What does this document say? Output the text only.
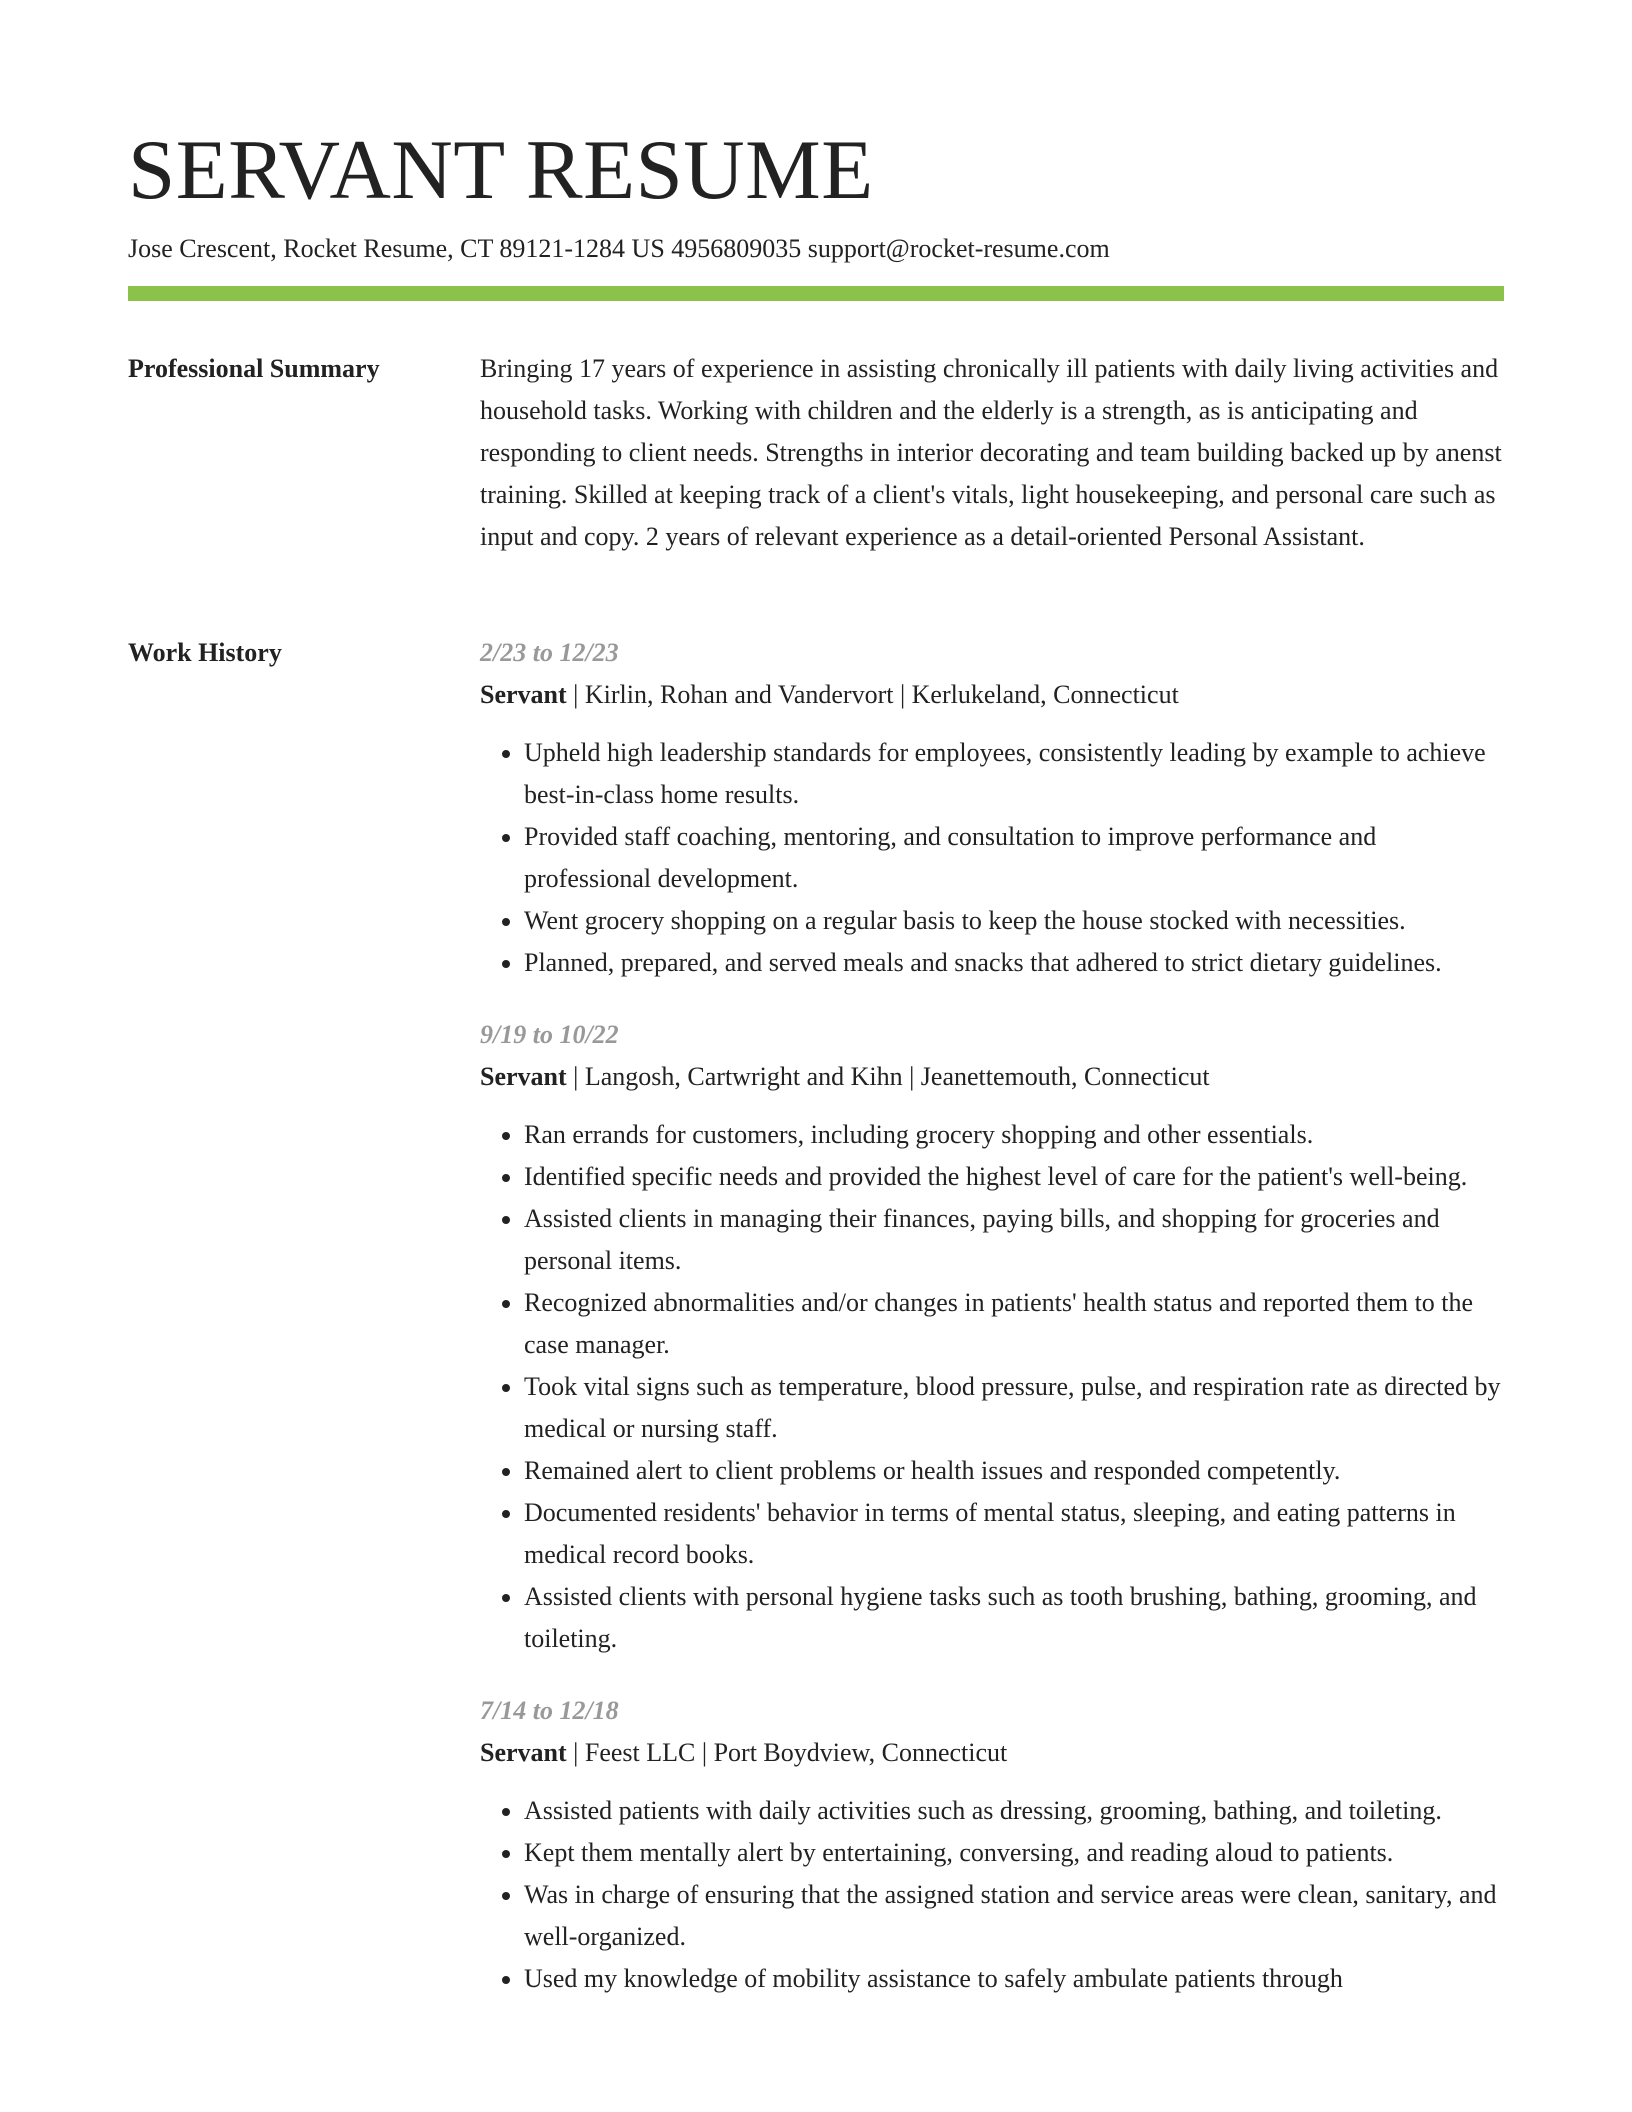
SERVANT RESUME
Jose Crescent, Rocket Resume, CT 89121-1284 US 4956809035 support@rocket-resume.com
Professional Summary	Bringing 17 years of experience in assisting chronically ill patients with daily living activities and household tasks. Working with children and the elderly is a strength, as is anticipating and responding to client needs. Strengths in interior decorating and team building backed up by anenst training. Skilled at keeping track of a client's vitals, light housekeeping, and personal care such as input and copy. 2 years of relevant experience as a detail-oriented Personal Assistant.

Work History	2/23 to 12/23
Servant | Kirlin, Rohan and Vandervort | Kerlukeland, Connecticut
• Upheld high leadership standards for employees, consistently leading by example to achieve best-in-class home results.
• Provided staff coaching, mentoring, and consultation to improve performance and professional development.
• Went grocery shopping on a regular basis to keep the house stocked with necessities.
• Planned, prepared, and served meals and snacks that adhered to strict dietary guidelines.
9/19 to 10/22
Servant | Langosh, Cartwright and Kihn | Jeanettemouth, Connecticut
• Ran errands for customers, including grocery shopping and other essentials.
• Identified specific needs and provided the highest level of care for the patient's well-being.
• Assisted clients in managing their finances, paying bills, and shopping for groceries and personal items.
• Recognized abnormalities and/or changes in patients' health status and reported them to the case manager.
• Took vital signs such as temperature, blood pressure, pulse, and respiration rate as directed by medical or nursing staff.
• Remained alert to client problems or health issues and responded competently.
• Documented residents' behavior in terms of mental status, sleeping, and eating patterns in medical record books.
• Assisted clients with personal hygiene tasks such as tooth brushing, bathing, grooming, and toileting.
7/14 to 12/18
Servant | Feest LLC | Port Boydview, Connecticut
• Assisted patients with daily activities such as dressing, grooming, bathing, and toileting.
• Kept them mentally alert by entertaining, conversing, and reading aloud to patients.
• Was in charge of ensuring that the assigned station and service areas were clean, sanitary, and well-organized.
• Used my knowledge of mobility assistance to safely ambulate patients through
